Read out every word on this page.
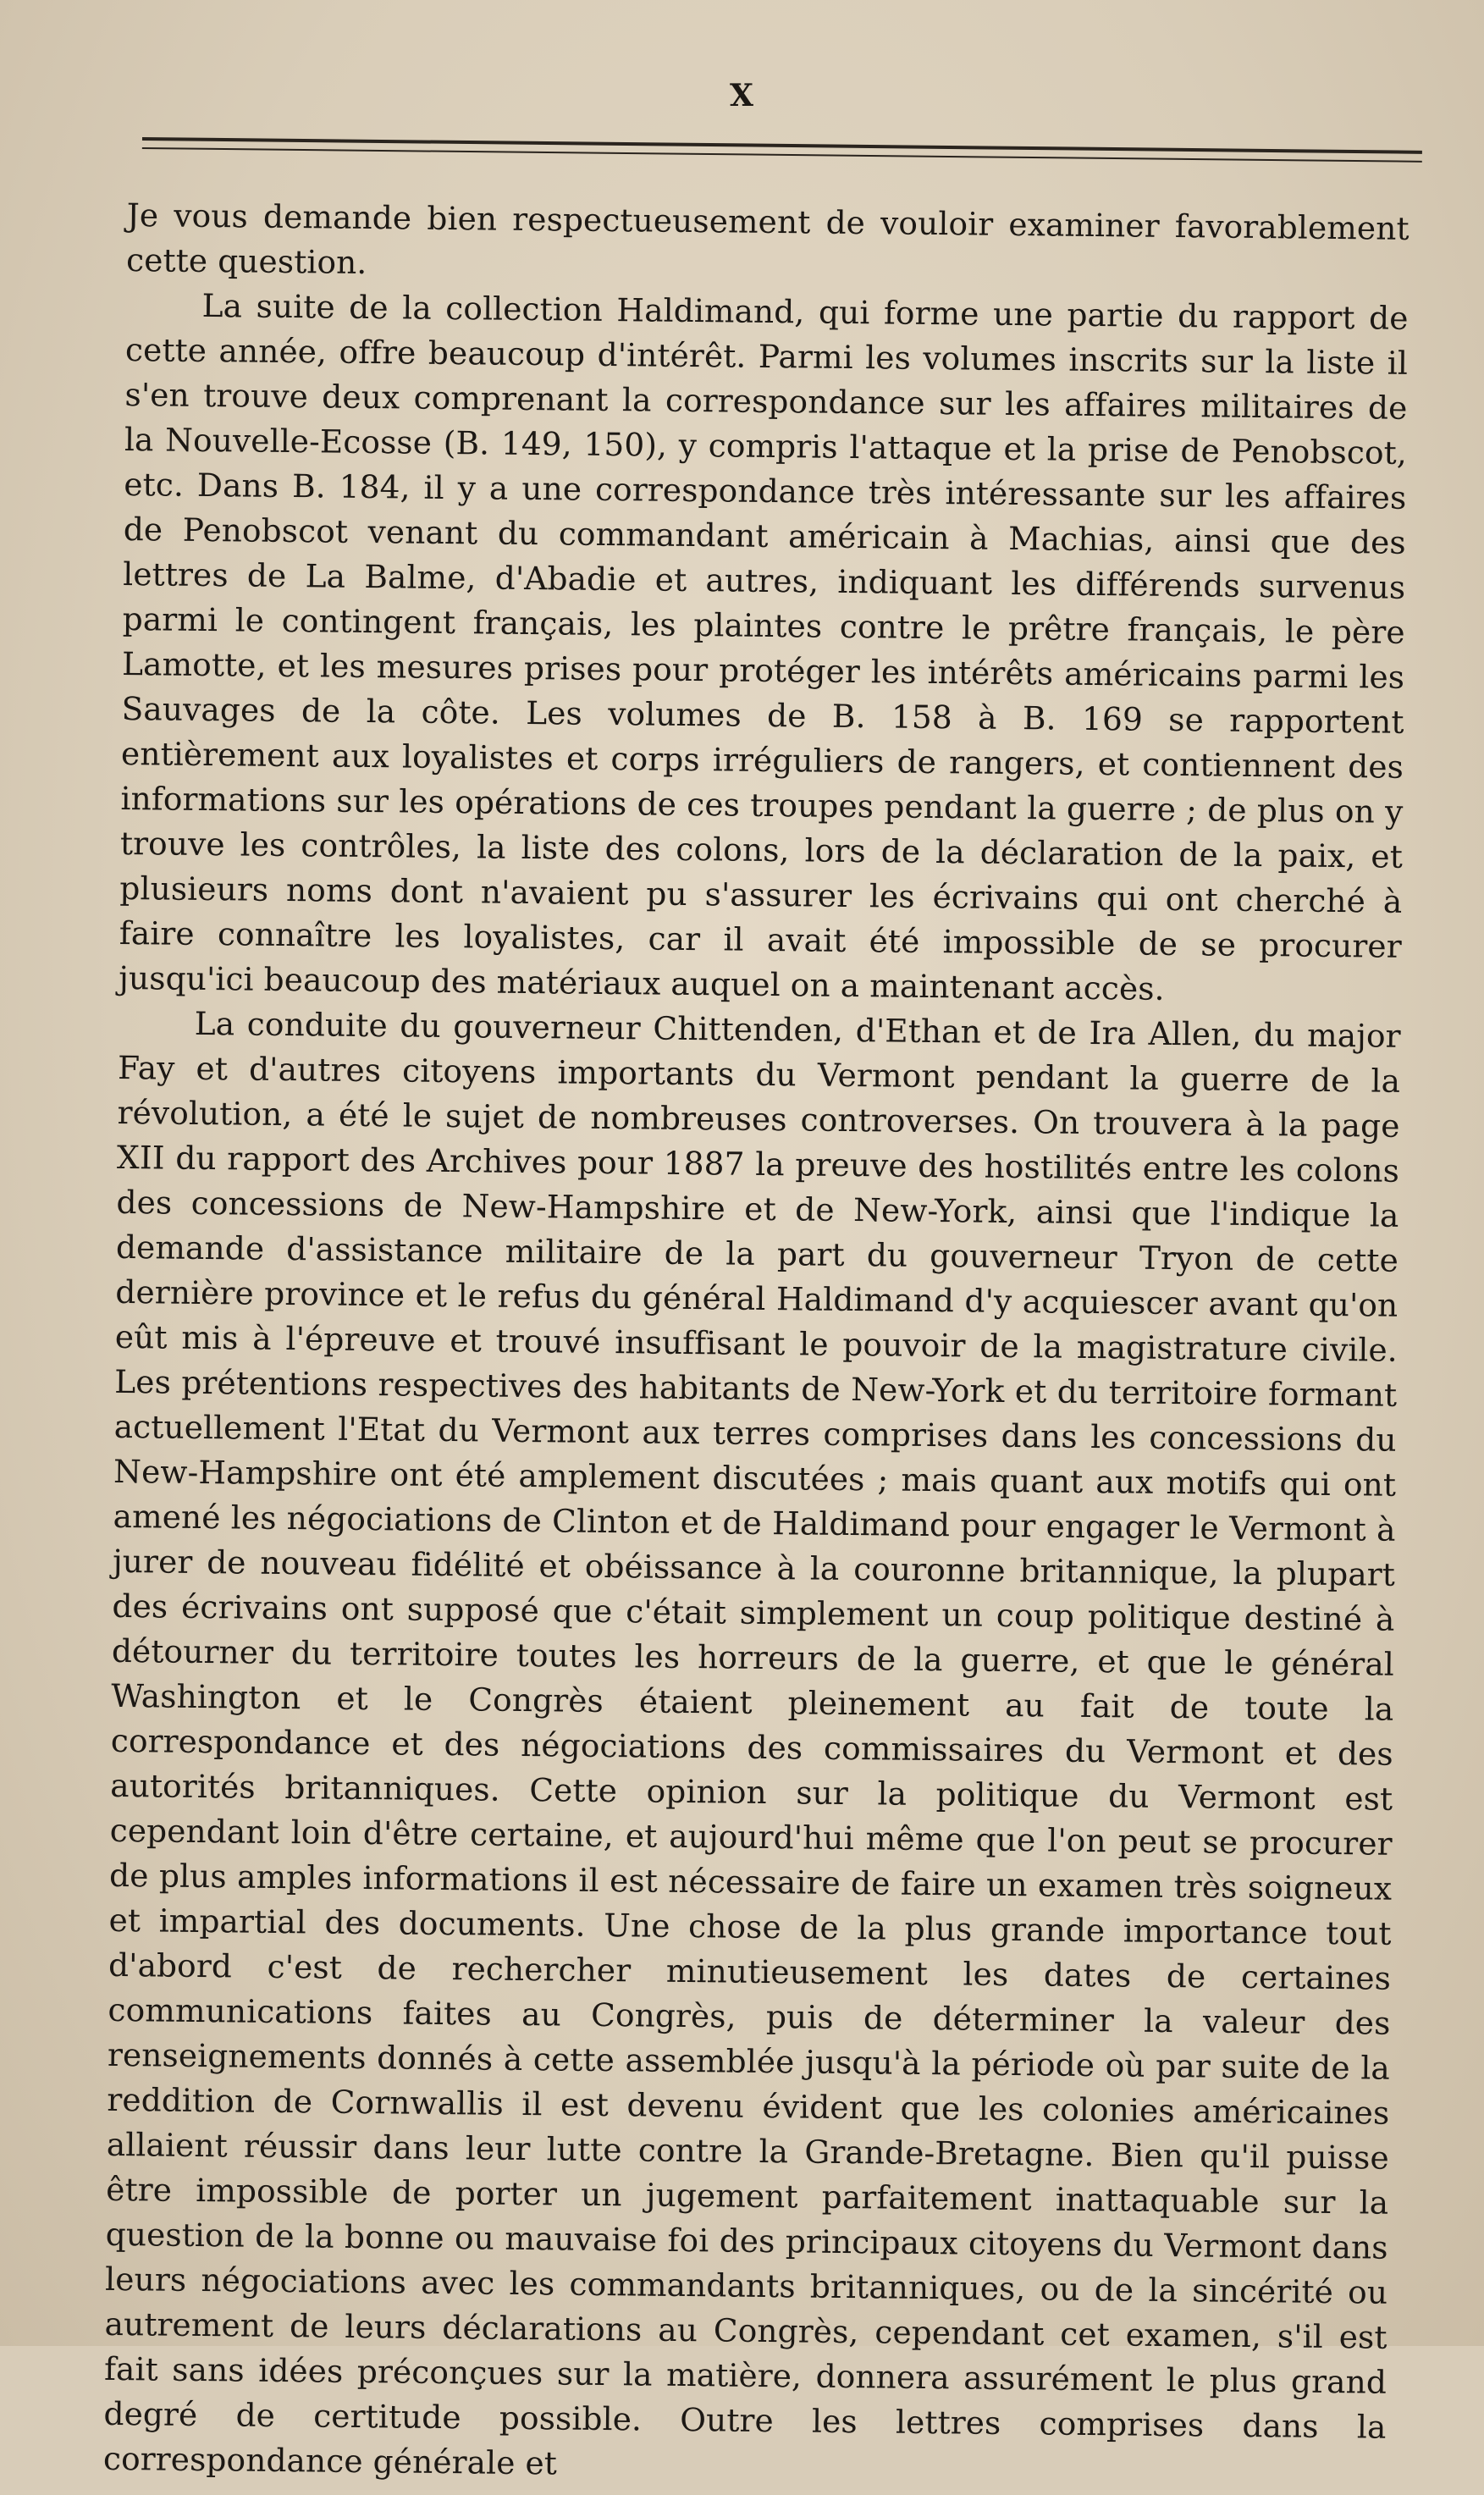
X

Je vous demande bien respectueusement de vouloir examiner favorablement cette question.

La suite de la collection Haldimand, qui forme une partie du rapport de cette année, offre beaucoup d'intérêt. Parmi les volumes inscrits sur la liste il s'en trouve deux comprenant la correspondance sur les affaires militaires de la Nouvelle-Ecosse (B. 149, 150), y compris l'attaque et la prise de Penobscot, etc. Dans B. 184, il y a une correspondance très intéressante sur les affaires de Penobscot venant du commandant américain à Machias, ainsi que des lettres de La Balme, d'Abadie et autres, indiquant les différends survenus parmi le contingent français, les plaintes contre le prêtre français, le père Lamotte, et les mesures prises pour protéger les intérêts américains parmi les Sauvages de la côte. Les volumes de B. 158 à B. 169 se rapportent entièrement aux loyalistes et corps irréguliers de rangers, et contiennent des informations sur les opérations de ces troupes pendant la guerre ; de plus on y trouve les contrôles, la liste des colons, lors de la déclaration de la paix, et plusieurs noms dont n'avaient pu s'assurer les écrivains qui ont cherché à faire connaître les loyalistes, car il avait été impossible de se procurer jusqu'ici beaucoup des matériaux auquel on a maintenant accès.

La conduite du gouverneur Chittenden, d'Ethan et de Ira Allen, du major Fay et d'autres citoyens importants du Vermont pendant la guerre de la révolution, a été le sujet de nombreuses controverses. On trouvera à la page XII du rapport des Archives pour 1887 la preuve des hostilités entre les colons des concessions de New-Hampshire et de New-York, ainsi que l'indique la demande d'assistance militaire de la part du gouverneur Tryon de cette dernière province et le refus du général Haldimand d'y acquiescer avant qu'on eût mis à l'épreuve et trouvé insuffisant le pouvoir de la magistrature civile. Les prétentions respectives des habitants de New-York et du territoire formant actuellement l'Etat du Vermont aux terres comprises dans les concessions du New-Hampshire ont été amplement discutées ; mais quant aux motifs qui ont amené les négociations de Clinton et de Haldimand pour engager le Vermont à jurer de nouveau fidélité et obéissance à la couronne britannique, la plupart des écrivains ont supposé que c'était simplement un coup politique destiné à détourner du territoire toutes les horreurs de la guerre, et que le général Washington et le Congrès étaient pleinement au fait de toute la correspondance et des négociations des commissaires du Vermont et des autorités britanniques. Cette opinion sur la politique du Vermont est cependant loin d'être certaine, et aujourd'hui même que l'on peut se procurer de plus amples informations il est nécessaire de faire un examen très soigneux et impartial des documents. Une chose de la plus grande importance tout d'abord c'est de rechercher minutieusement les dates de certaines communications faites au Congrès, puis de déterminer la valeur des renseignements donnés à cette assemblée jusqu'à la période où par suite de la reddition de Cornwallis il est devenu évident que les colonies américaines allaient réussir dans leur lutte contre la Grande-Bretagne. Bien qu'il puisse être impossible de porter un jugement parfaitement inattaquable sur la question de la bonne ou mauvaise foi des principaux citoyens du Vermont dans leurs négociations avec les commandants britanniques, ou de la sincérité ou autrement de leurs déclarations au Congrès, cependant cet examen, s'il est fait sans idées préconçues sur la matière, donnera assurément le plus grand degré de certitude possible. Outre les lettres comprises dans la correspondance générale et
